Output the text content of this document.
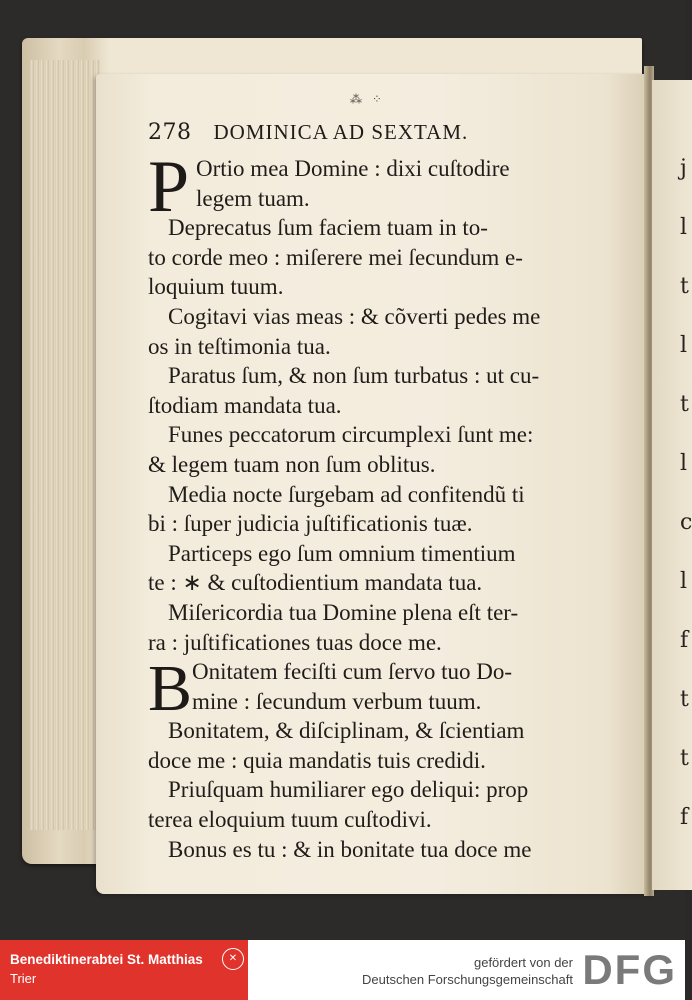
j
l
t
l
t
l
c
l
f
t
t
f
⁂ ⁘
278 DOMINICA AD SEXTAM.
P Ortio mea Domine : dixi cuſtodire
legem tuam.
Deprecatus ſum faciem tuam in to-
to corde meo : miſerere mei ſecundum e-
loquium tuum.
Cogitavi vias meas : & cõverti pedes me
os in teſtimonia tua.
Paratus ſum, & non ſum turbatus : ut cu-
ſtodiam mandata tua.
Funes peccatorum circumplexi ſunt me:
& legem tuam non ſum oblitus.
Media nocte ſurgebam ad confitendũ ti
bi : ſuper judicia juſtificationis tuæ.
Particeps ego ſum omnium timentium
te : ∗ & cuſtodientium mandata tua.
Miſericordia tua Domine plena eſt ter-
ra : juſtificationes tuas doce me.
B Onitatem feciſti cum ſervo tuo Do-
mine : ſecundum verbum tuum.
Bonitatem, & diſciplinam, & ſcientiam
doce me : quia mandatis tuis credidi.
Priuſquam humiliarer ego deliqui: prop
terea eloquium tuum cuſtodivi.
Bonus es tu : & in bonitate tua doce me
Benediktinerabtei St. Matthias
Trier
✕	gefördert von der
Deutschen Forschungsgemeinschaft DFG
